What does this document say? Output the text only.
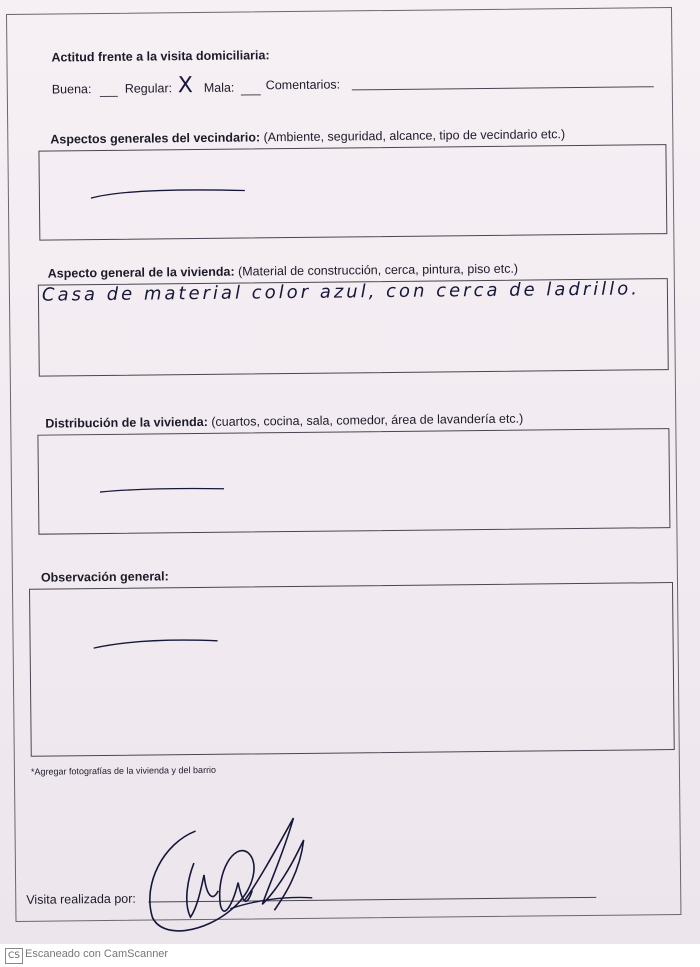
Actitud frente a la visita domiciliaria:
Buena:	Regular: X Mala:	Comentarios:
Aspectos generales del vecindario: (Ambiente, seguridad, alcance, tipo de vecindario etc.)
Aspecto general de la vivienda: (Material de construcción, cerca, pintura, piso etc.)
Casa de material color azul, con cerca de ladrillo.
Distribución de la vivienda: (cuartos, cocina, sala, comedor, área de lavandería etc.)
Observación general:
*Agregar fotografías de la vivienda y del barrio
Visita realizada por:
CS Escaneado con CamScanner
